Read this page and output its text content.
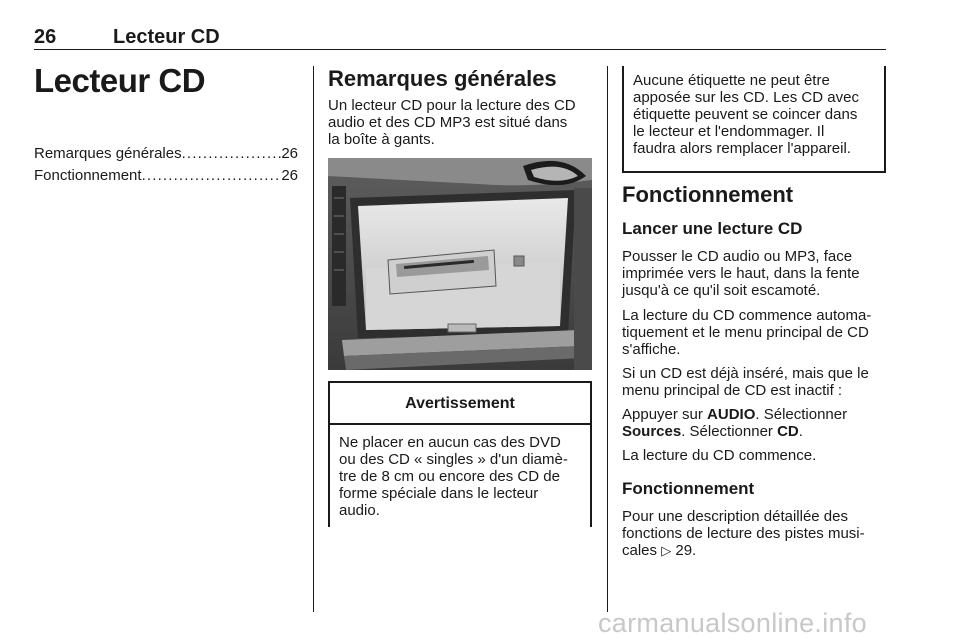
26	Lecteur CD
Lecteur CD
Remarques générales . . .	26
Fonctionnement . . .	26
Remarques générales
Un lecteur CD pour la lecture des CD
audio et des CD MP3 est situé dans
la boîte à gants.
Avertissement
Ne placer en aucun cas des DVD
ou des CD « singles » d'un diamè-
tre de 8 cm ou encore des CD de
forme spéciale dans le lecteur
audio.
Aucune étiquette ne peut être
apposée sur les CD. Les CD avec
étiquette peuvent se coincer dans
le lecteur et l'endommager. Il
faudra alors remplacer l'appareil.
Fonctionnement
Lancer une lecture CD
Pousser le CD audio ou MP3, face
imprimée vers le haut, dans la fente
jusqu'à ce qu'il soit escamoté.
La lecture du CD commence automa-
tiquement et le menu principal de CD
s'affiche.
Si un CD est déjà inséré, mais que le
menu principal de CD est inactif :
Appuyer sur AUDIO. Sélectionner
Sources. Sélectionner CD.
La lecture du CD commence.
Fonctionnement
Pour une description détaillée des
fonctions de lecture des pistes musi-
cales ▷ 29.
carmanualsonline.info
